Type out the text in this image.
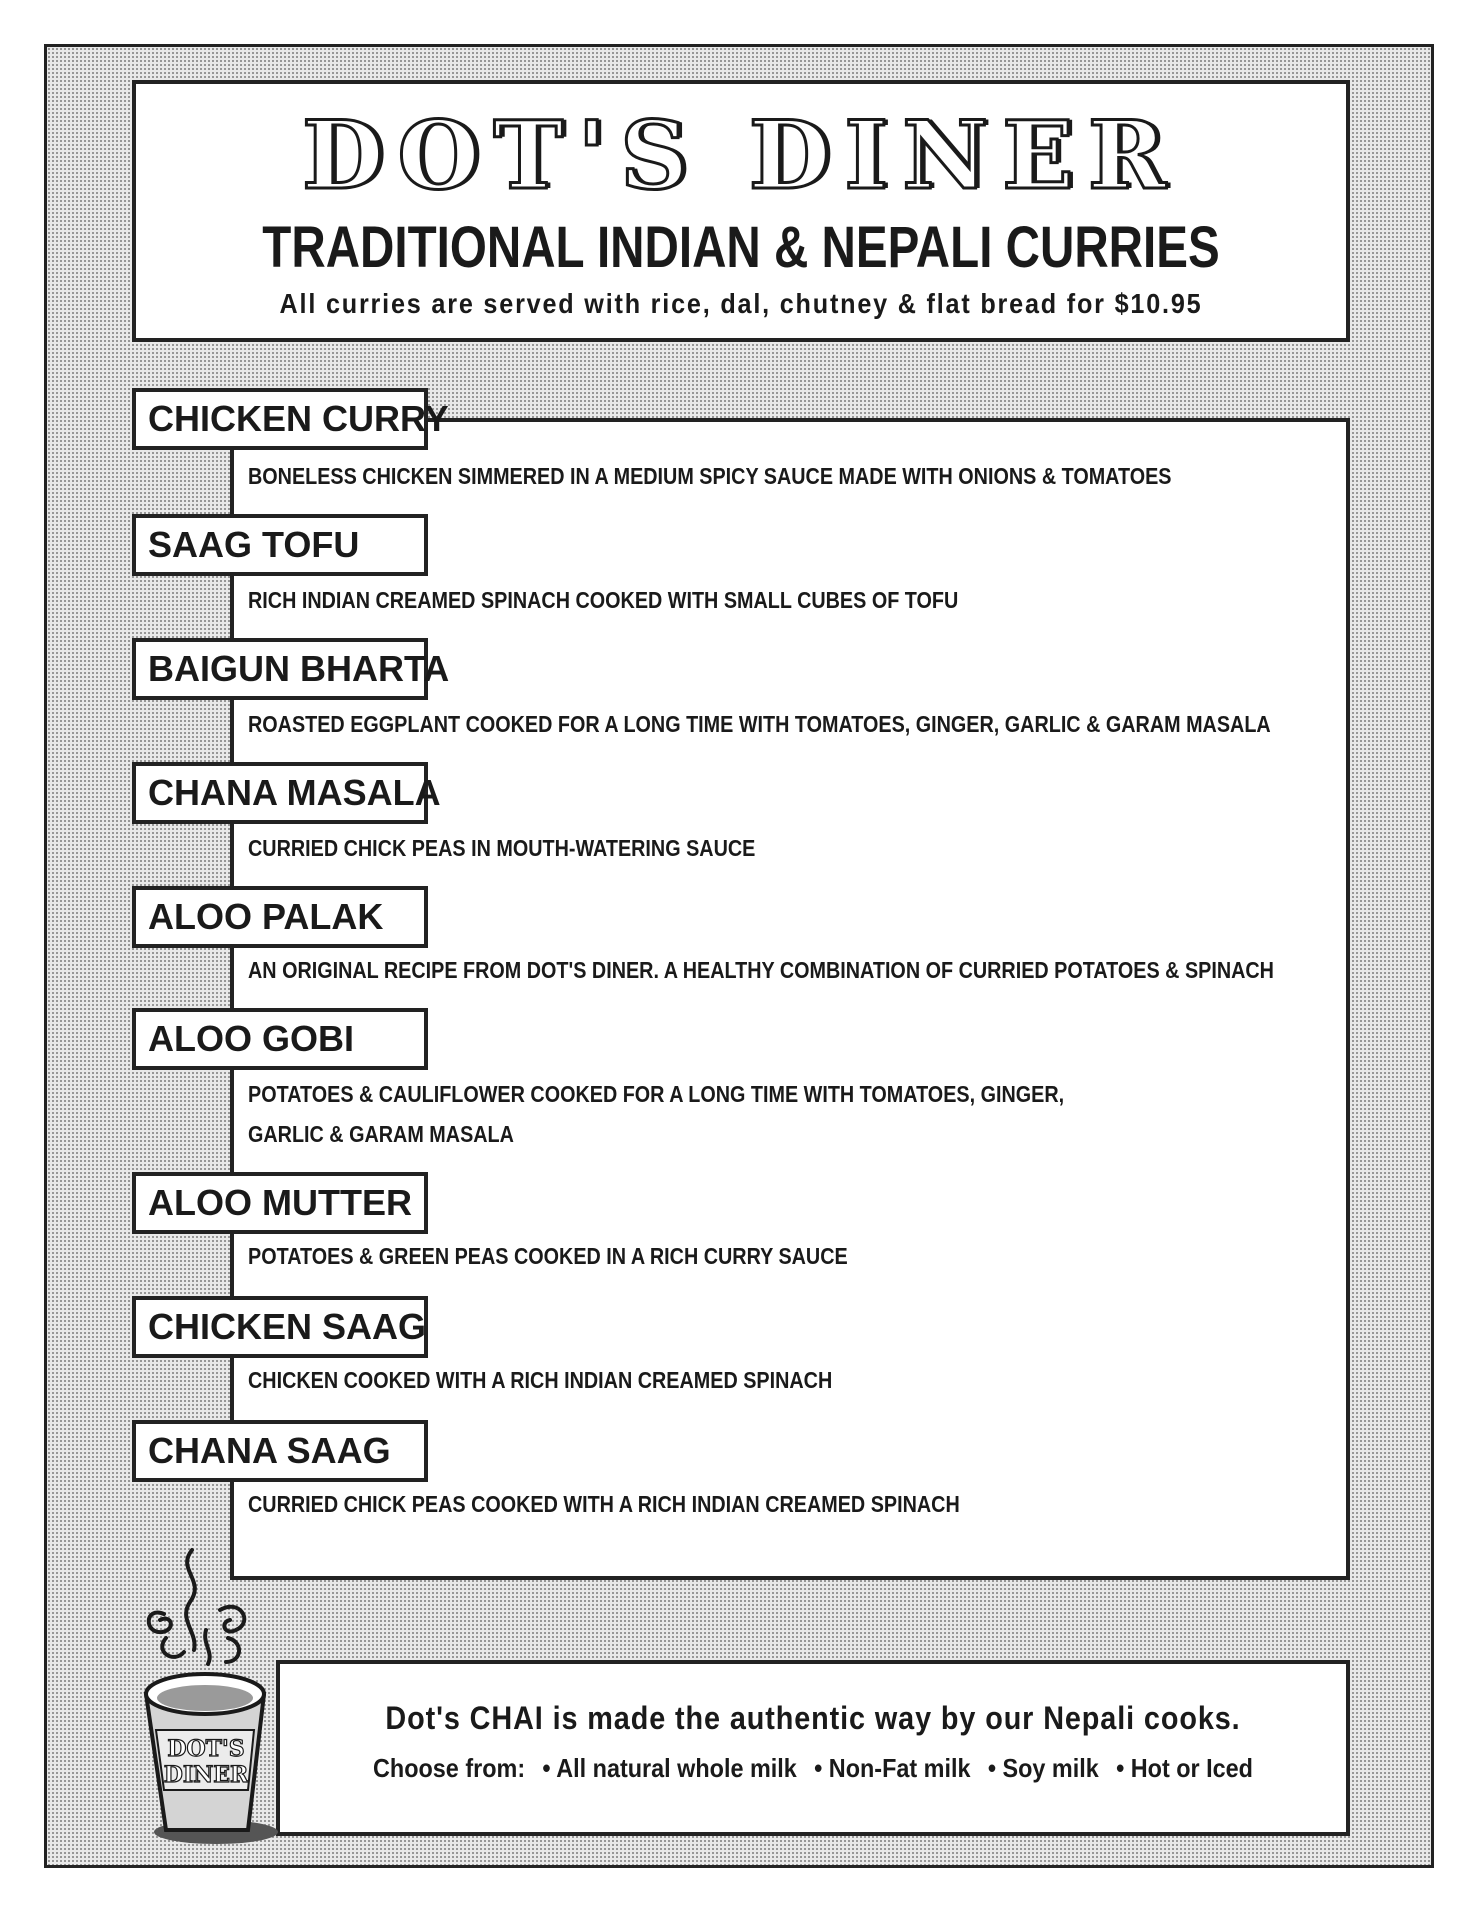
DOT'S DINER
TRADITIONAL INDIAN & NEPALI CURRIES
All curries are served with rice, dal, chutney & flat bread for $10.95
CHICKEN CURRY
BONELESS CHICKEN SIMMERED IN A MEDIUM SPICY SAUCE MADE WITH ONIONS & TOMATOES
SAAG TOFU
RICH INDIAN CREAMED SPINACH COOKED WITH SMALL CUBES OF TOFU
BAIGUN BHARTA
ROASTED EGGPLANT COOKED FOR A LONG TIME WITH TOMATOES, GINGER, GARLIC & GARAM MASALA
CHANA MASALA
CURRIED CHICK PEAS IN MOUTH-WATERING SAUCE
ALOO PALAK
AN ORIGINAL RECIPE FROM DOT'S DINER. A HEALTHY COMBINATION OF CURRIED POTATOES & SPINACH
ALOO GOBI
POTATOES & CAULIFLOWER COOKED FOR A LONG TIME WITH TOMATOES, GINGER,
GARLIC & GARAM MASALA
ALOO MUTTER
POTATOES & GREEN PEAS COOKED IN A RICH CURRY SAUCE
CHICKEN SAAG
CHICKEN COOKED WITH A RICH INDIAN CREAMED SPINACH
CHANA SAAG
CURRIED CHICK PEAS COOKED WITH A RICH INDIAN CREAMED SPINACH
Dot's CHAI is made the authentic way by our Nepali cooks.
Choose from: • All natural whole milk • Non-Fat milk • Soy milk • Hot or Iced
DOT'S
DINER
